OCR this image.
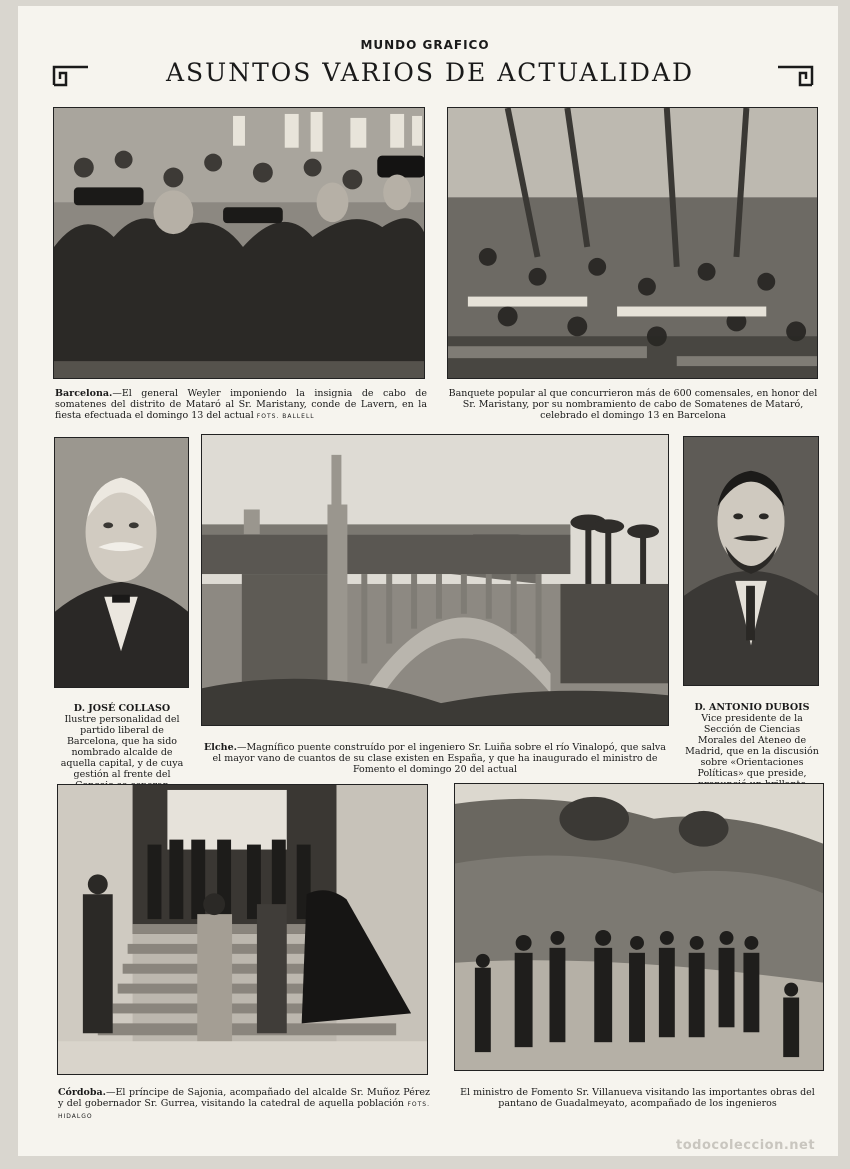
MUNDO GRAFICO
ASUNTOS VARIOS DE ACTUALIDAD
Barcelona.—El general Weyler imponiendo la insignia de cabo de somatenes del distrito de Mataró al Sr. Maristany, conde de Lavern, en la fiesta efectuada el domingo 13 del actual FOTS. BALLELL
Banquete popular al que concurrieron más de 600 comensales, en honor del Sr. Maristany, por su nombramiento de cabo de Somatenes de Mataró, celebrado el domingo 13 en Barcelona
D. JOSÉ COLLASO
Ilustre personalidad del partido liberal de Barcelona, que ha sido nombrado alcalde de aquella capital, y de cuya gestión al frente del
Elche.—Magnífico puente construído por el ingeniero Sr. Luiña sobre el río Vinalopó, que salva el mayor vano de cuantos de su clase existen en España, y que ha inaugurado el ministro de Fomento el domingo 20 del actual
D. ANTONIO DUBOIS
Vice presidente de la Sección de Ciencias Morales del Ateneo de Madrid, que en la discusión sobre «Orientaciones Políticas» que preside,
Córdoba.—El príncipe de Sajonia, acompañado del alcalde Sr. Muñoz Pérez y del gobernador Sr. Gurrea, visitando la catedral de aquella población FOTS. HIDALGO
El ministro de Fomento Sr. Villanueva visitando las importantes obras del pantano de Guadalmeyato, acompañado de los ingenieros
todocoleccion.net
